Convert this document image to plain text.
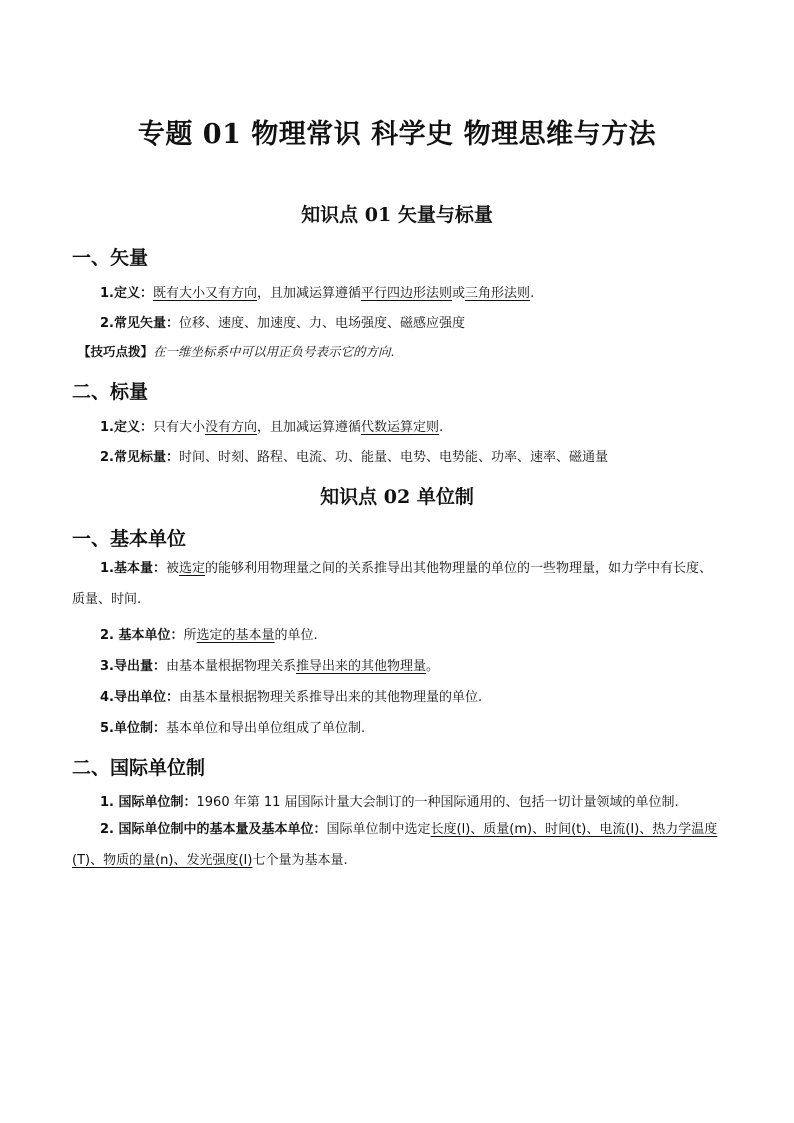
专题 01 物理常识 科学史 物理思维与方法
知识点 01 矢量与标量
一、矢量
1.定义：既有大小又有方向，且加减运算遵循平行四边形法则或三角形法则.
2.常见矢量：位移、速度、加速度、力、电场强度、磁感应强度
【技巧点拨】在一维坐标系中可以用正负号表示它的方向.
二、标量
1.定义：只有大小没有方向，且加减运算遵循代数运算定则.
2.常见标量：时间、时刻、路程、电流、功、能量、电势、电势能、功率、速率、磁通量
知识点 02 单位制
一、基本单位
1.基本量：被选定的能够利用物理量之间的关系推导出其他物理量的单位的一些物理量，如力学中有长度、质量、时间.
2. 基本单位：所选定的基本量的单位.
3.导出量：由基本量根据物理关系推导出来的其他物理量。
4.导出单位：由基本量根据物理关系推导出来的其他物理量的单位.
5.单位制：基本单位和导出单位组成了单位制.
二、国际单位制
1. 国际单位制：1960 年第 11 届国际计量大会制订的一种国际通用的、包括一切计量领域的单位制.
2. 国际单位制中的基本量及基本单位：国际单位制中选定长度(l)、质量(m)、时间(t)、电流(I)、热力学温度(T)、物质的量(n)、发光强度(I)七个量为基本量.
